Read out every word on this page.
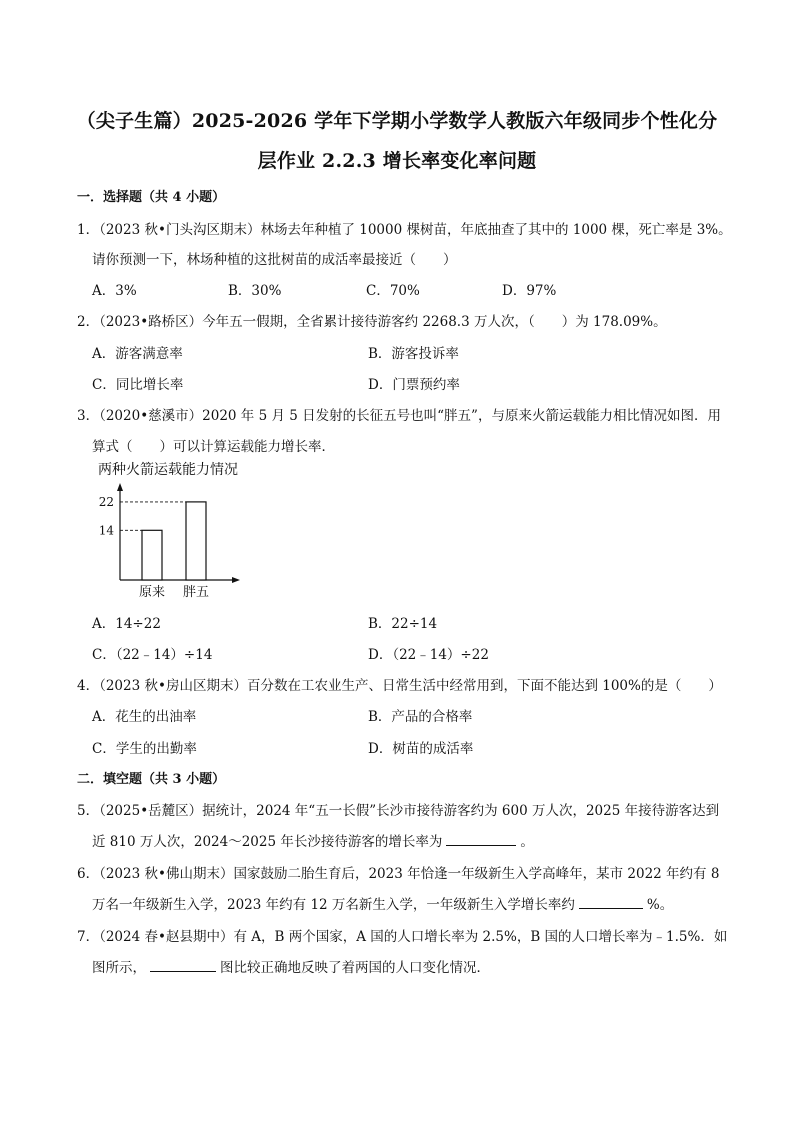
（尖子生篇）2025-2026 学年下学期小学数学人教版六年级同步个性化分
层作业 2.2.3 增长率变化率问题
一．选择题（共 4 小题）
1．（2023 秋•门头沟区期末）林场去年种植了 10000 棵树苗，年底抽查了其中的 1000 棵，死亡率是 3%。
请你预测一下，林场种植的这批树苗的成活率最接近（　　）
A．3%	B．30%	C．70%	D．97%
2．（2023•路桥区）今年五一假期，全省累计接待游客约 2268.3 万人次，（　　）为 178.09%。
A．游客满意率	B．游客投诉率
C．同比增长率	D．门票预约率
3．（2020•慈溪市）2020 年 5 月 5 日发射的长征五号也叫“胖五”，与原来火箭运载能力相比情况如图．用
算式（　　）可以计算运载能力增长率．
两种火箭运载能力情况
原来 胖五
14
22
A．14÷22	B．22÷14
C．（22﹣14）÷14	D．（22﹣14）÷22
4．（2023 秋•房山区期末）百分数在工农业生产、日常生活中经常用到，下面不能达到 100%的是（　　）
A．花生的出油率	B．产品的合格率
C．学生的出勤率	D．树苗的成活率
二．填空题（共 3 小题）
5．（2025•岳麓区）据统计，2024 年“五一长假”长沙市接待游客约为 600 万人次，2025 年接待游客达到
近 810 万人次，2024～2025 年长沙接待游客的增长率为	。
6．（2023 秋•佛山期末）国家鼓励二胎生育后，2023 年恰逢一年级新生入学高峰年，某市 2022 年约有 8
万名一年级新生入学，2023 年约有 12 万名新生入学，一年级新生入学增长率约	%。
7．（2024 春•赵县期中）有 A，B 两个国家，A 国的人口增长率为 2.5%，B 国的人口增长率为﹣1.5%．如
图所示，	图比较正确地反映了着两国的人口变化情况．
